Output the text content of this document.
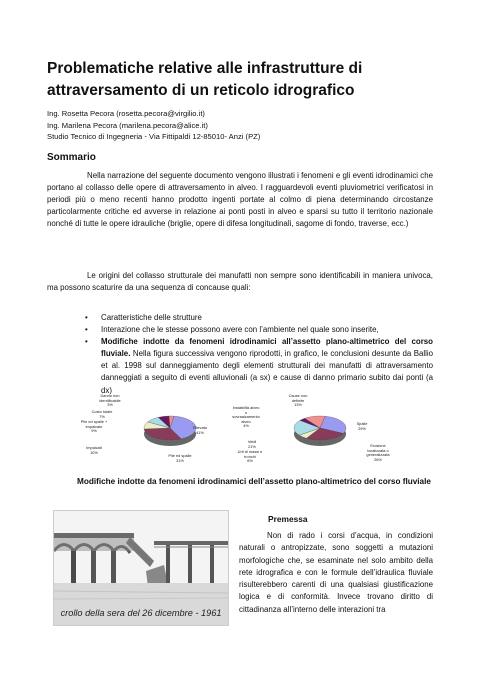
Problematiche relative alle infrastrutture di attraversamento di un reticolo idrografico
Ing. Rosetta Pecora (rosetta.pecora@virgilio.it)
Ing. Marilena Pecora (marilena.pecora@alice.it)
Studio Tecnico di Ingegneria - Via Fittipaldi 12-85010- Anzi (PZ)
Sommario

Nella narrazione del seguente documento vengono illustrati i fenomeni e gli eventi idrodinamici che portano al collasso delle opere di attraversamento in alveo. I ragguardevoli eventi pluviometrici verificatosi in periodi più o meno recenti hanno prodotto ingenti portate al colmo di piena determinando circostanze particolarmente critiche ed avverse in relazione ai ponti posti in alveo e sparsi su tutto il territorio nazionale nonché di tutte le opere idrauliche (briglie, opere di difesa longitudinali, sagome di fondo, traverse, ecc.)

Le origini del collasso strutturale dei manufatti non sempre sono identificabili in maniera univoca, ma possono scaturire da una sequenza di concause quali:

• Caratteristiche delle strutture
• Interazione che le stesse possono avere con l’ambiente nel quale sono inserite,
• Modifiche indotte da fenomeni idrodinamici all’assetto plano-altimetrico del corso fluviale. Nella figura successiva vengono riprodotti, in grafico, le conclusioni desunte da Ballio et al. 1998 sul danneggiamento degli elementi strutturali dei manufatti di attraversamento danneggiati a seguito di eventi alluvionali (a sx) e cause di danno primario subito dai ponti (a dx)
Rilevato
41%
Pile ed spalle
31%
Impalcati
10%
Pile ed spalle +
impalcato
9%
Costo totale
7%
Danno non
identificabile
3%
Spalle
29%
Erosione
localizzata o
generalizzata
26%
Urti di massi e
tronchi
6%
Veldi
21%
Instabilità alveo
o
sovraalzamento
alveo
4%
Cause non
definite
13%

Modifiche indotte da fenomeni idrodinamici dell’assetto plano-altimetrico del corso fluviale

crollo della sera del 26 dicembre - 1961
Premessa

Non di rado i corsi d’acqua, in condizioni naturali o antropizzate, sono soggetti a mutazioni morfologiche che, se esaminate nel solo ambito della rete idrografica e con le formule dell’idraulica fluviale risulterebbero carenti di una qualsiasi giustificazione logica e di conformità. Invece trovano diritto di cittadinanza all’interno delle interazioni tra
